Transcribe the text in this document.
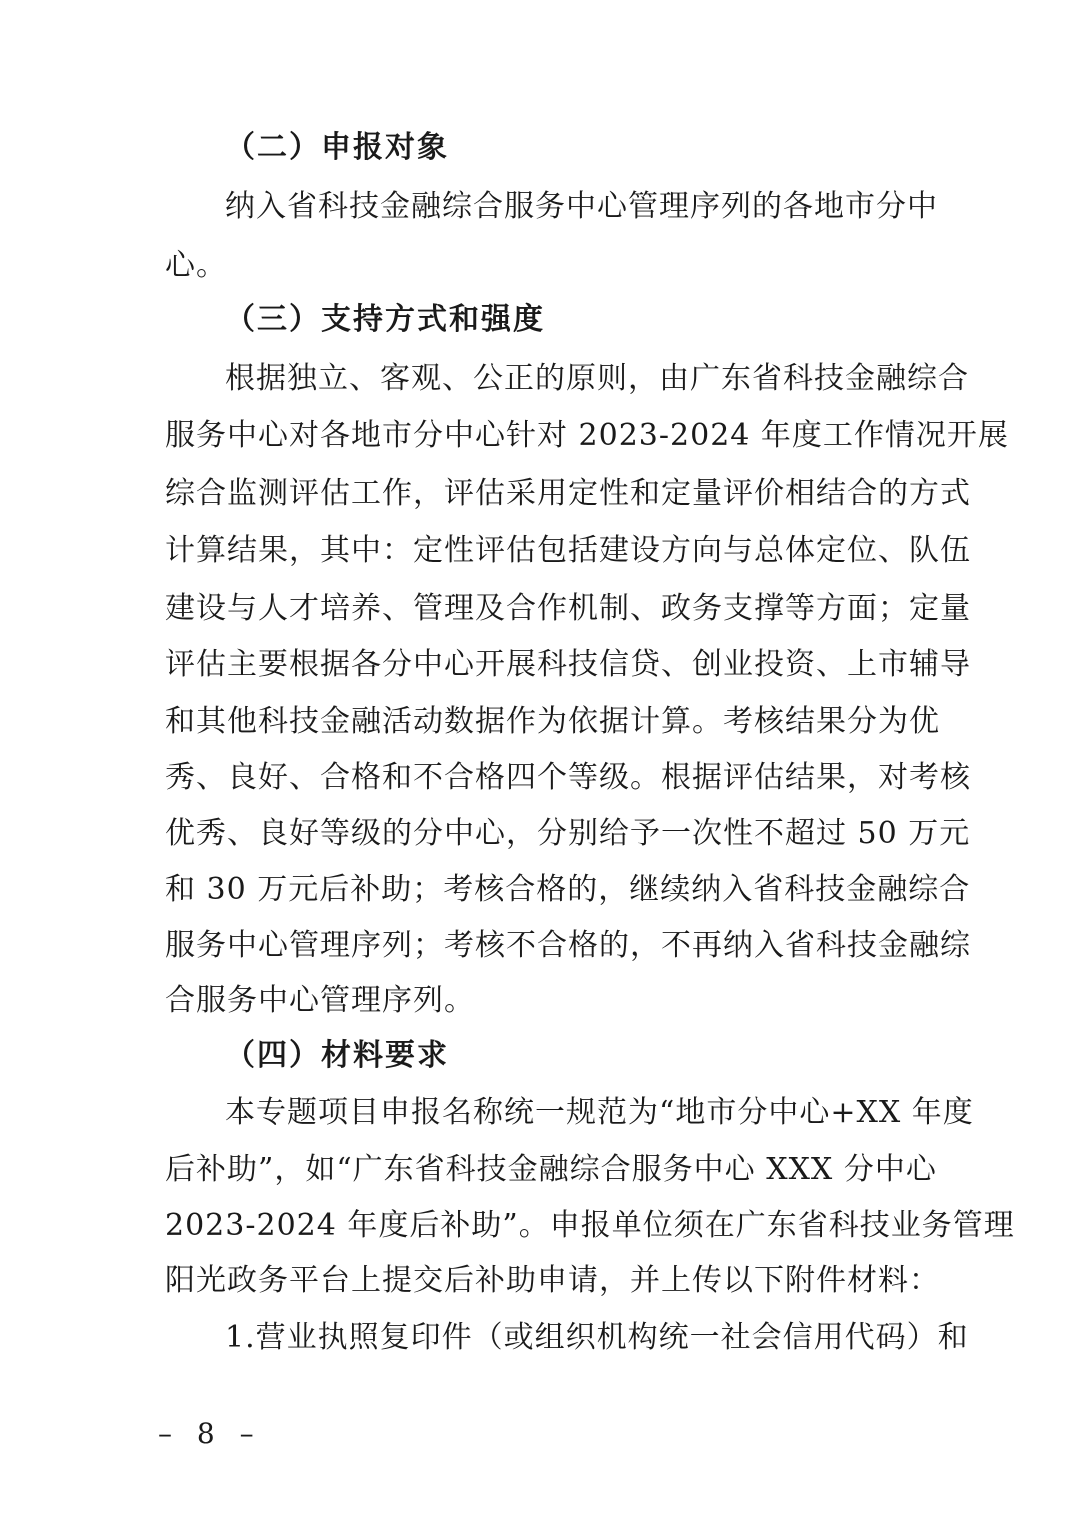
（二）申报对象
纳入省科技金融综合服务中心管理序列的各地市分中
心。
（三）支持方式和强度
根据独立、客观、公正的原则，由广东省科技金融综合
服务中心对各地市分中心针对 2023-2024 年度工作情况开展
综合监测评估工作，评估采用定性和定量评价相结合的方式
计算结果，其中：定性评估包括建设方向与总体定位、队伍
建设与人才培养、管理及合作机制、政务支撑等方面；定量
评估主要根据各分中心开展科技信贷、创业投资、上市辅导
和其他科技金融活动数据作为依据计算。考核结果分为优
秀、良好、合格和不合格四个等级。根据评估结果，对考核
优秀、良好等级的分中心，分别给予一次性不超过 50 万元
和 30 万元后补助；考核合格的，继续纳入省科技金融综合
服务中心管理序列；考核不合格的，不再纳入省科技金融综
合服务中心管理序列。
（四）材料要求
本专题项目申报名称统一规范为“地市分中心+XX 年度
后补助”，如“广东省科技金融综合服务中心 XXX 分中心
2023-2024 年度后补助”。申报单位须在广东省科技业务管理
阳光政务平台上提交后补助申请，并上传以下附件材料：
1.营业执照复印件（或组织机构统一社会信用代码）和
– 8 –
